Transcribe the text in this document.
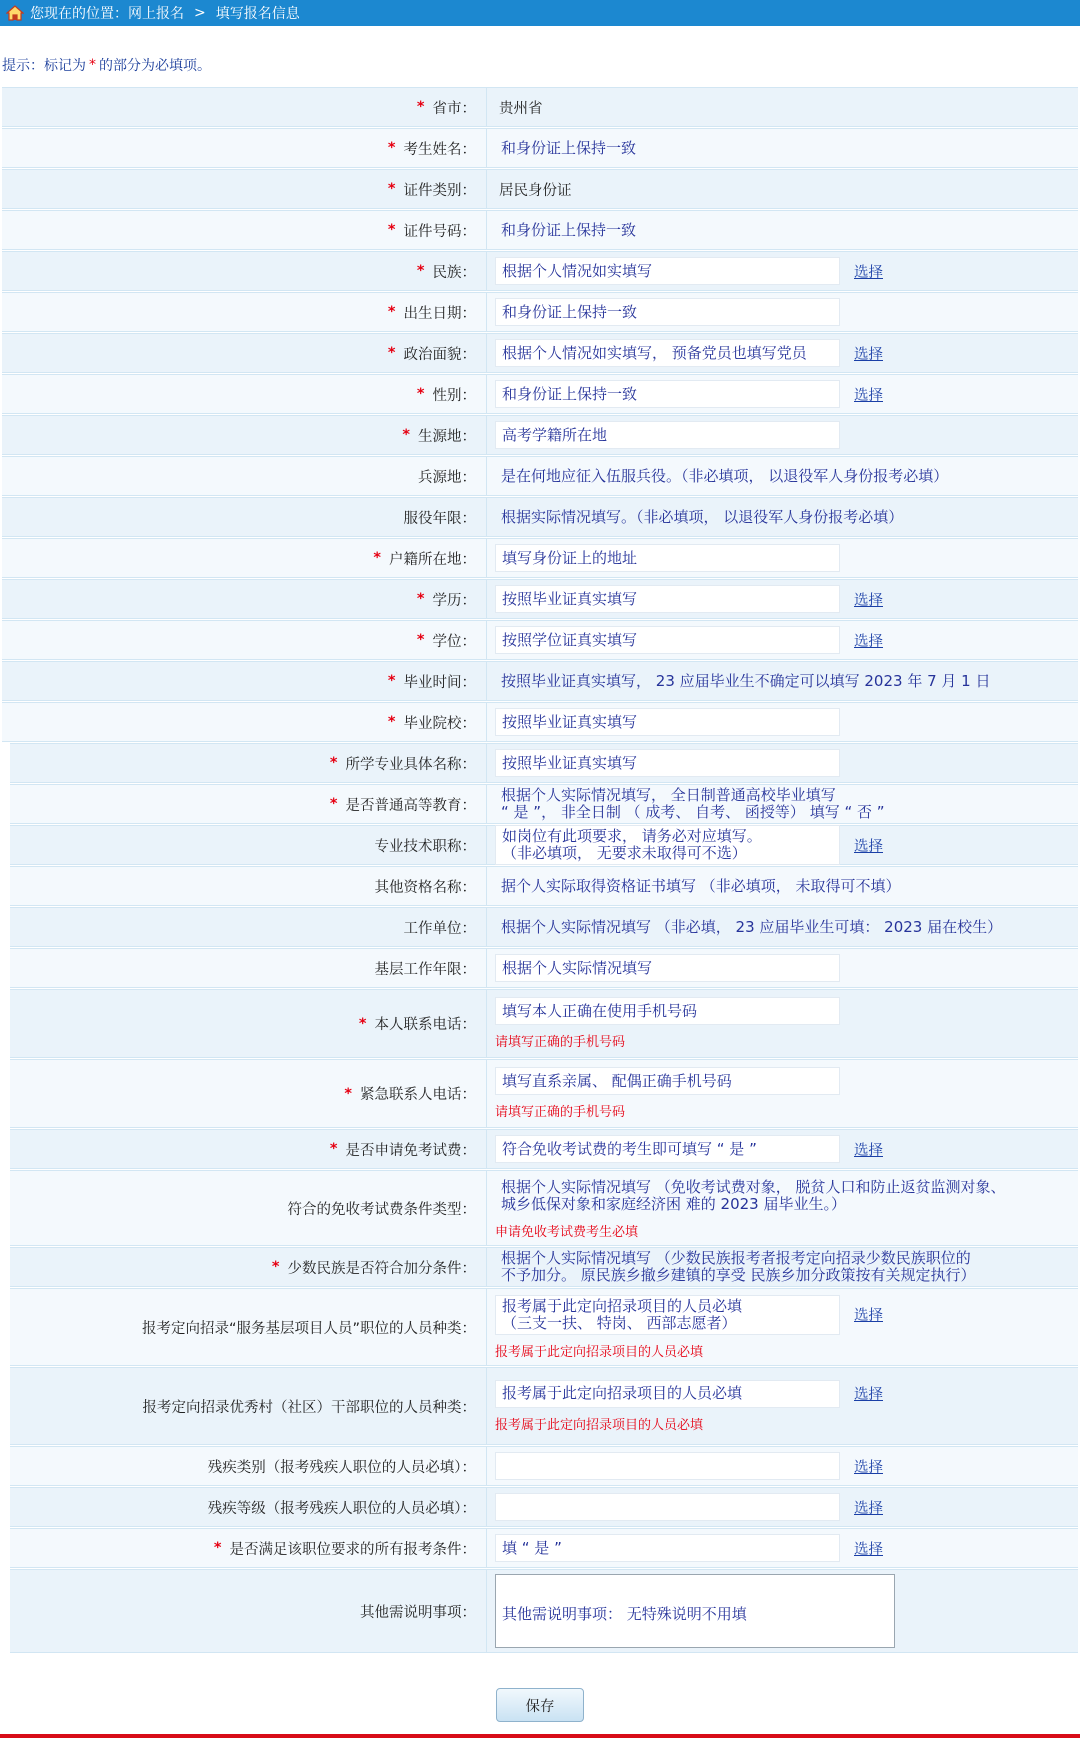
您现在的位置： 网上报名 > 填写报名信息
提示：标记为 * 的部分为必填项。
* 省市： 贵州省
* 考生姓名：	和身份证上保持一致
* 证件类别： 居民身份证
* 证件号码：	和身份证上保持一致
* 民族：	根据个人情况如实填写	选择
* 出生日期：	和身份证上保持一致
* 政治面貌：	根据个人情况如实填写， 预备党员也填写党员	选择
* 性别：	和身份证上保持一致	选择
* 生源地：	高考学籍所在地
兵源地：	是在何地应征入伍服兵役。（非必填项， 以退役军人身份报考必填）
服役年限：	根据实际情况填写。（非必填项， 以退役军人身份报考必填）
* 户籍所在地：	填写身份证上的地址
* 学历：	按照毕业证真实填写	选择
* 学位：	按照学位证真实填写	选择
* 毕业时间：	按照毕业证真实填写， 23 应届毕业生不确定可以填写 2023 年 7 月 1 日
* 毕业院校：	按照毕业证真实填写
* 所学专业具体名称：	按照毕业证真实填写
* 是否普通高等教育：
根据个人实际情况填写， 全日制普通高校毕业填写
“ 是 ”， 非全日制 （ 成考、 自考、 函授等） 填写 “ 否 ”
专业技术职称：
如岗位有此项要求， 请务必对应填写。
（非必填项， 无要求未取得可不选）	选择
其他资格名称：	据个人实际取得资格证书填写 （非必填项， 未取得可不填）
工作单位：	根据个人实际情况填写 （非必填， 23 应届毕业生可填： 2023 届在校生）
基层工作年限：	根据个人实际情况填写
* 本人联系电话：
填写本人正确在使用手机号码
请填写正确的手机号码
* 紧急联系人电话：
填写直系亲属、 配偶正确手机号码
请填写正确的手机号码
* 是否申请免考试费：	符合免收考试费的考生即可填写 “ 是 ”	选择
符合的免收考试费条件类型：
根据个人实际情况填写 （免收考试费对象， 脱贫人口和防止返贫监测对象、
城乡低保对象和家庭经济困 难的 2023 届毕业生。）
申请免收考试费考生必填
* 少数民族是否符合加分条件：
根据个人实际情况填写 （少数民族报考者报考定向招录少数民族职位的
不予加分。 原民族乡撤乡建镇的享受 民族乡加分政策按有关规定执行）
报考定向招录“服务基层项目人员”职位的人员种类：
报考属于此定向招录项目的人员必填
（三支一扶、 特岗、 西部志愿者）	选择
报考属于此定向招录项目的人员必填
报考定向招录优秀村（社区）干部职位的人员种类：
报考属于此定向招录项目的人员必填	选择
报考属于此定向招录项目的人员必填
残疾类别（报考残疾人职位的人员必填）：	选择
残疾等级（报考残疾人职位的人员必填）：	选择
* 是否满足该职位要求的所有报考条件：	填 “ 是 ”	选择
其他需说明事项：	其他需说明事项： 无特殊说明不用填
保存
